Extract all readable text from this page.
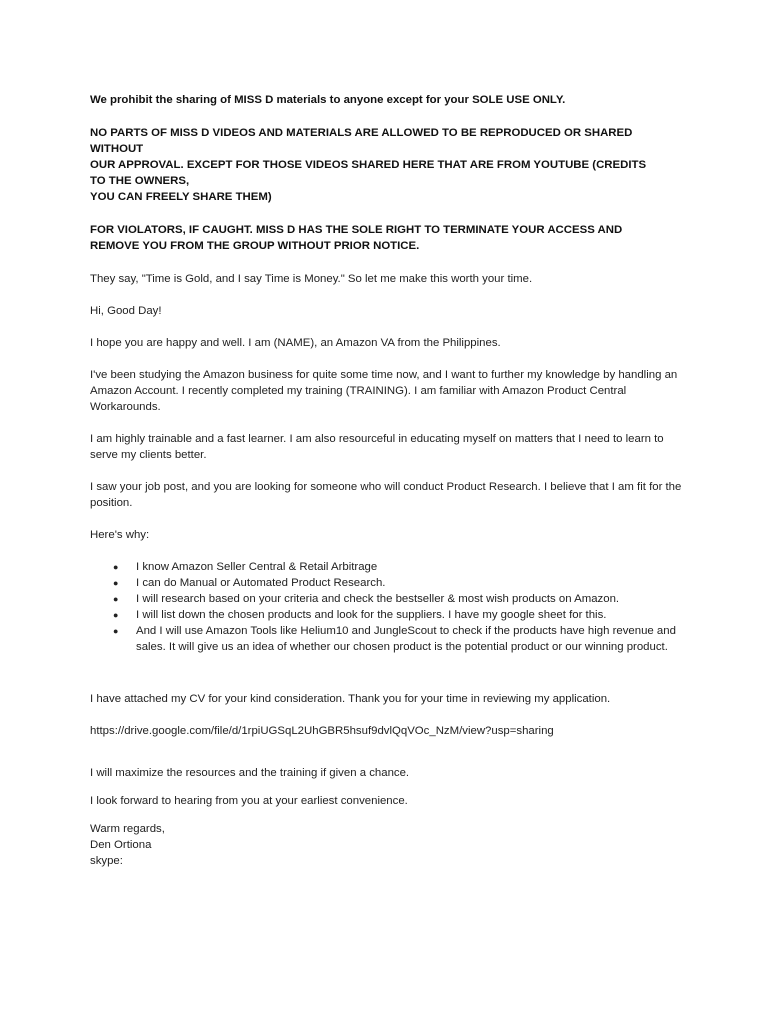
We prohibit the sharing of MISS D materials to anyone except for your SOLE USE ONLY.

NO PARTS OF MISS D VIDEOS AND MATERIALS ARE ALLOWED TO BE REPRODUCED OR SHARED
WITHOUT
OUR APPROVAL. EXCEPT FOR THOSE VIDEOS SHARED HERE THAT ARE FROM YOUTUBE (CREDITS
TO THE OWNERS,
YOU CAN FREELY SHARE THEM)

FOR VIOLATORS, IF CAUGHT. MISS D HAS THE SOLE RIGHT TO TERMINATE YOUR ACCESS AND
REMOVE YOU FROM THE GROUP WITHOUT PRIOR NOTICE.

They say, "Time is Gold, and I say Time is Money." So let me make this worth your time.

Hi, Good Day!

I hope you are happy and well. I am (NAME), an Amazon VA from the Philippines.

I've been studying the Amazon business for quite some time now, and I want to further my knowledge by handling an Amazon Account. I recently completed my training (TRAINING). I am familiar with Amazon Product Central Workarounds.

I am highly trainable and a fast learner. I am also resourceful in educating myself on matters that I need to learn to serve my clients better.

I saw your job post, and you are looking for someone who will conduct Product Research. I believe that I am fit for the position.

Here's why:

● I know Amazon Seller Central & Retail Arbitrage
● I can do Manual or Automated Product Research.
● I will research based on your criteria and check the bestseller & most wish products on Amazon.
● I will list down the chosen products and look for the suppliers. I have my google sheet for this.
● And I will use Amazon Tools like Helium10 and JungleScout to check if the products have high revenue and sales. It will give us an idea of whether our chosen product is the potential product or our winning product.

I have attached my CV for your kind consideration. Thank you for your time in reviewing my application.

https://drive.google.com/file/d/1rpiUGSqL2UhGBR5hsuf9dvlQqVOc_NzM/view?usp=sharing

I will maximize the resources and the training if given a chance.

I look forward to hearing from you at your earliest convenience.

Warm regards,
Den Ortiona
skype:
